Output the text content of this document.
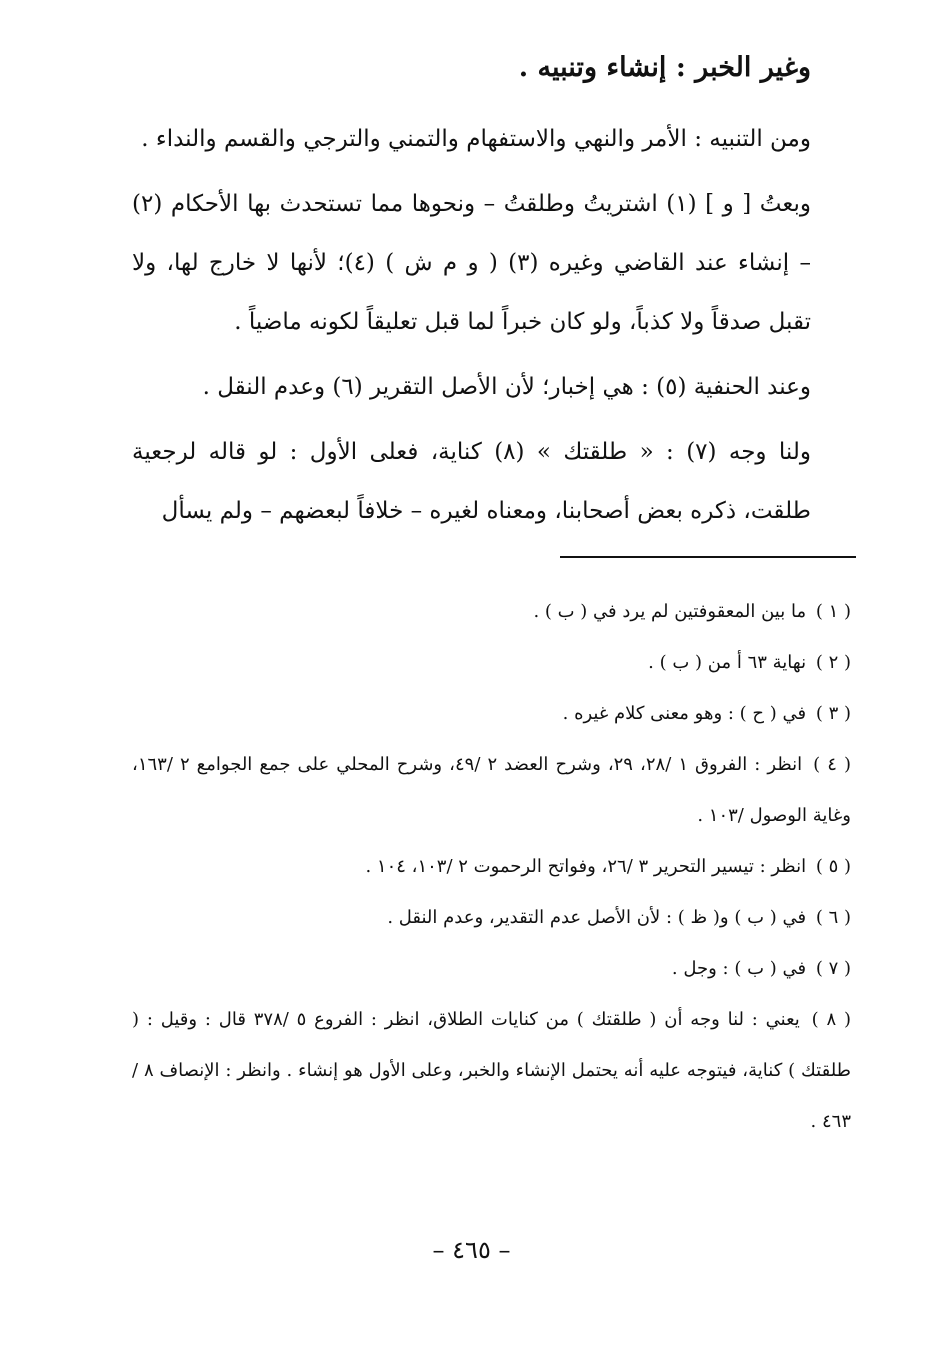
وغير الخبر : إنشاء وتنبيه .

ومن التنبيه : الأمر والنهي والاستفهام والتمني والترجي والقسم والنداء .

وبعتُ [ و ] (١) اشتريتُ وطلقتُ – ونحوها مما تستحدث بها الأحكام (٢) – إنشاء عند القاضي وغيره (٣) ( و م ش ) (٤)؛ لأنها لا خارج لها، ولا تقبل صدقاً ولا كذباً، ولو كان خبراً لما قبل تعليقاً لكونه ماضياً .

وعند الحنفية (٥) : هي إخبار؛ لأن الأصل التقرير (٦) وعدم النقل .

ولنا وجه (٧) : « طلقتك » (٨) كناية، فعلى الأول : لو قاله لرجعية طلقت، ذكره بعض أصحابنا، ومعناه لغيره – خلافاً لبعضهم – ولم يسأل

( ١ ) ما بين المعقوفتين لم يرد في ( ب ) .
( ٢ ) نهاية ٦٣ أ من ( ب ) .
( ٣ ) في ( ح ) : وهو معنى كلام غيره .
( ٤ ) انظر : الفروق ١ /٢٨، ٢٩، وشرح العضد ٢ /٤٩، وشرح المحلي على جمع الجوامع ٢ /١٦٣، وغاية الوصول /١٠٣ .
( ٥ ) انظر : تيسير التحرير ٣ /٢٦، وفواتح الرحموت ٢ /١٠٣، ١٠٤ .
( ٦ ) في ( ب ) و( ظ ) : لأن الأصل عدم التقدير، وعدم النقل .
( ٧ ) في ( ب ) : وجل .
( ٨ ) يعني : لنا وجه أن ( طلقتك ) من كنايات الطلاق، انظر : الفروع ٥ /٣٧٨ قال : وقيل : ( طلقتك ) كناية، فيتوجه عليه أنه يحتمل الإنشاء والخبر، وعلى الأول هو إنشاء . وانظر : الإنصاف ٨ /٤٦٣ .
– ٤٦٥ –
